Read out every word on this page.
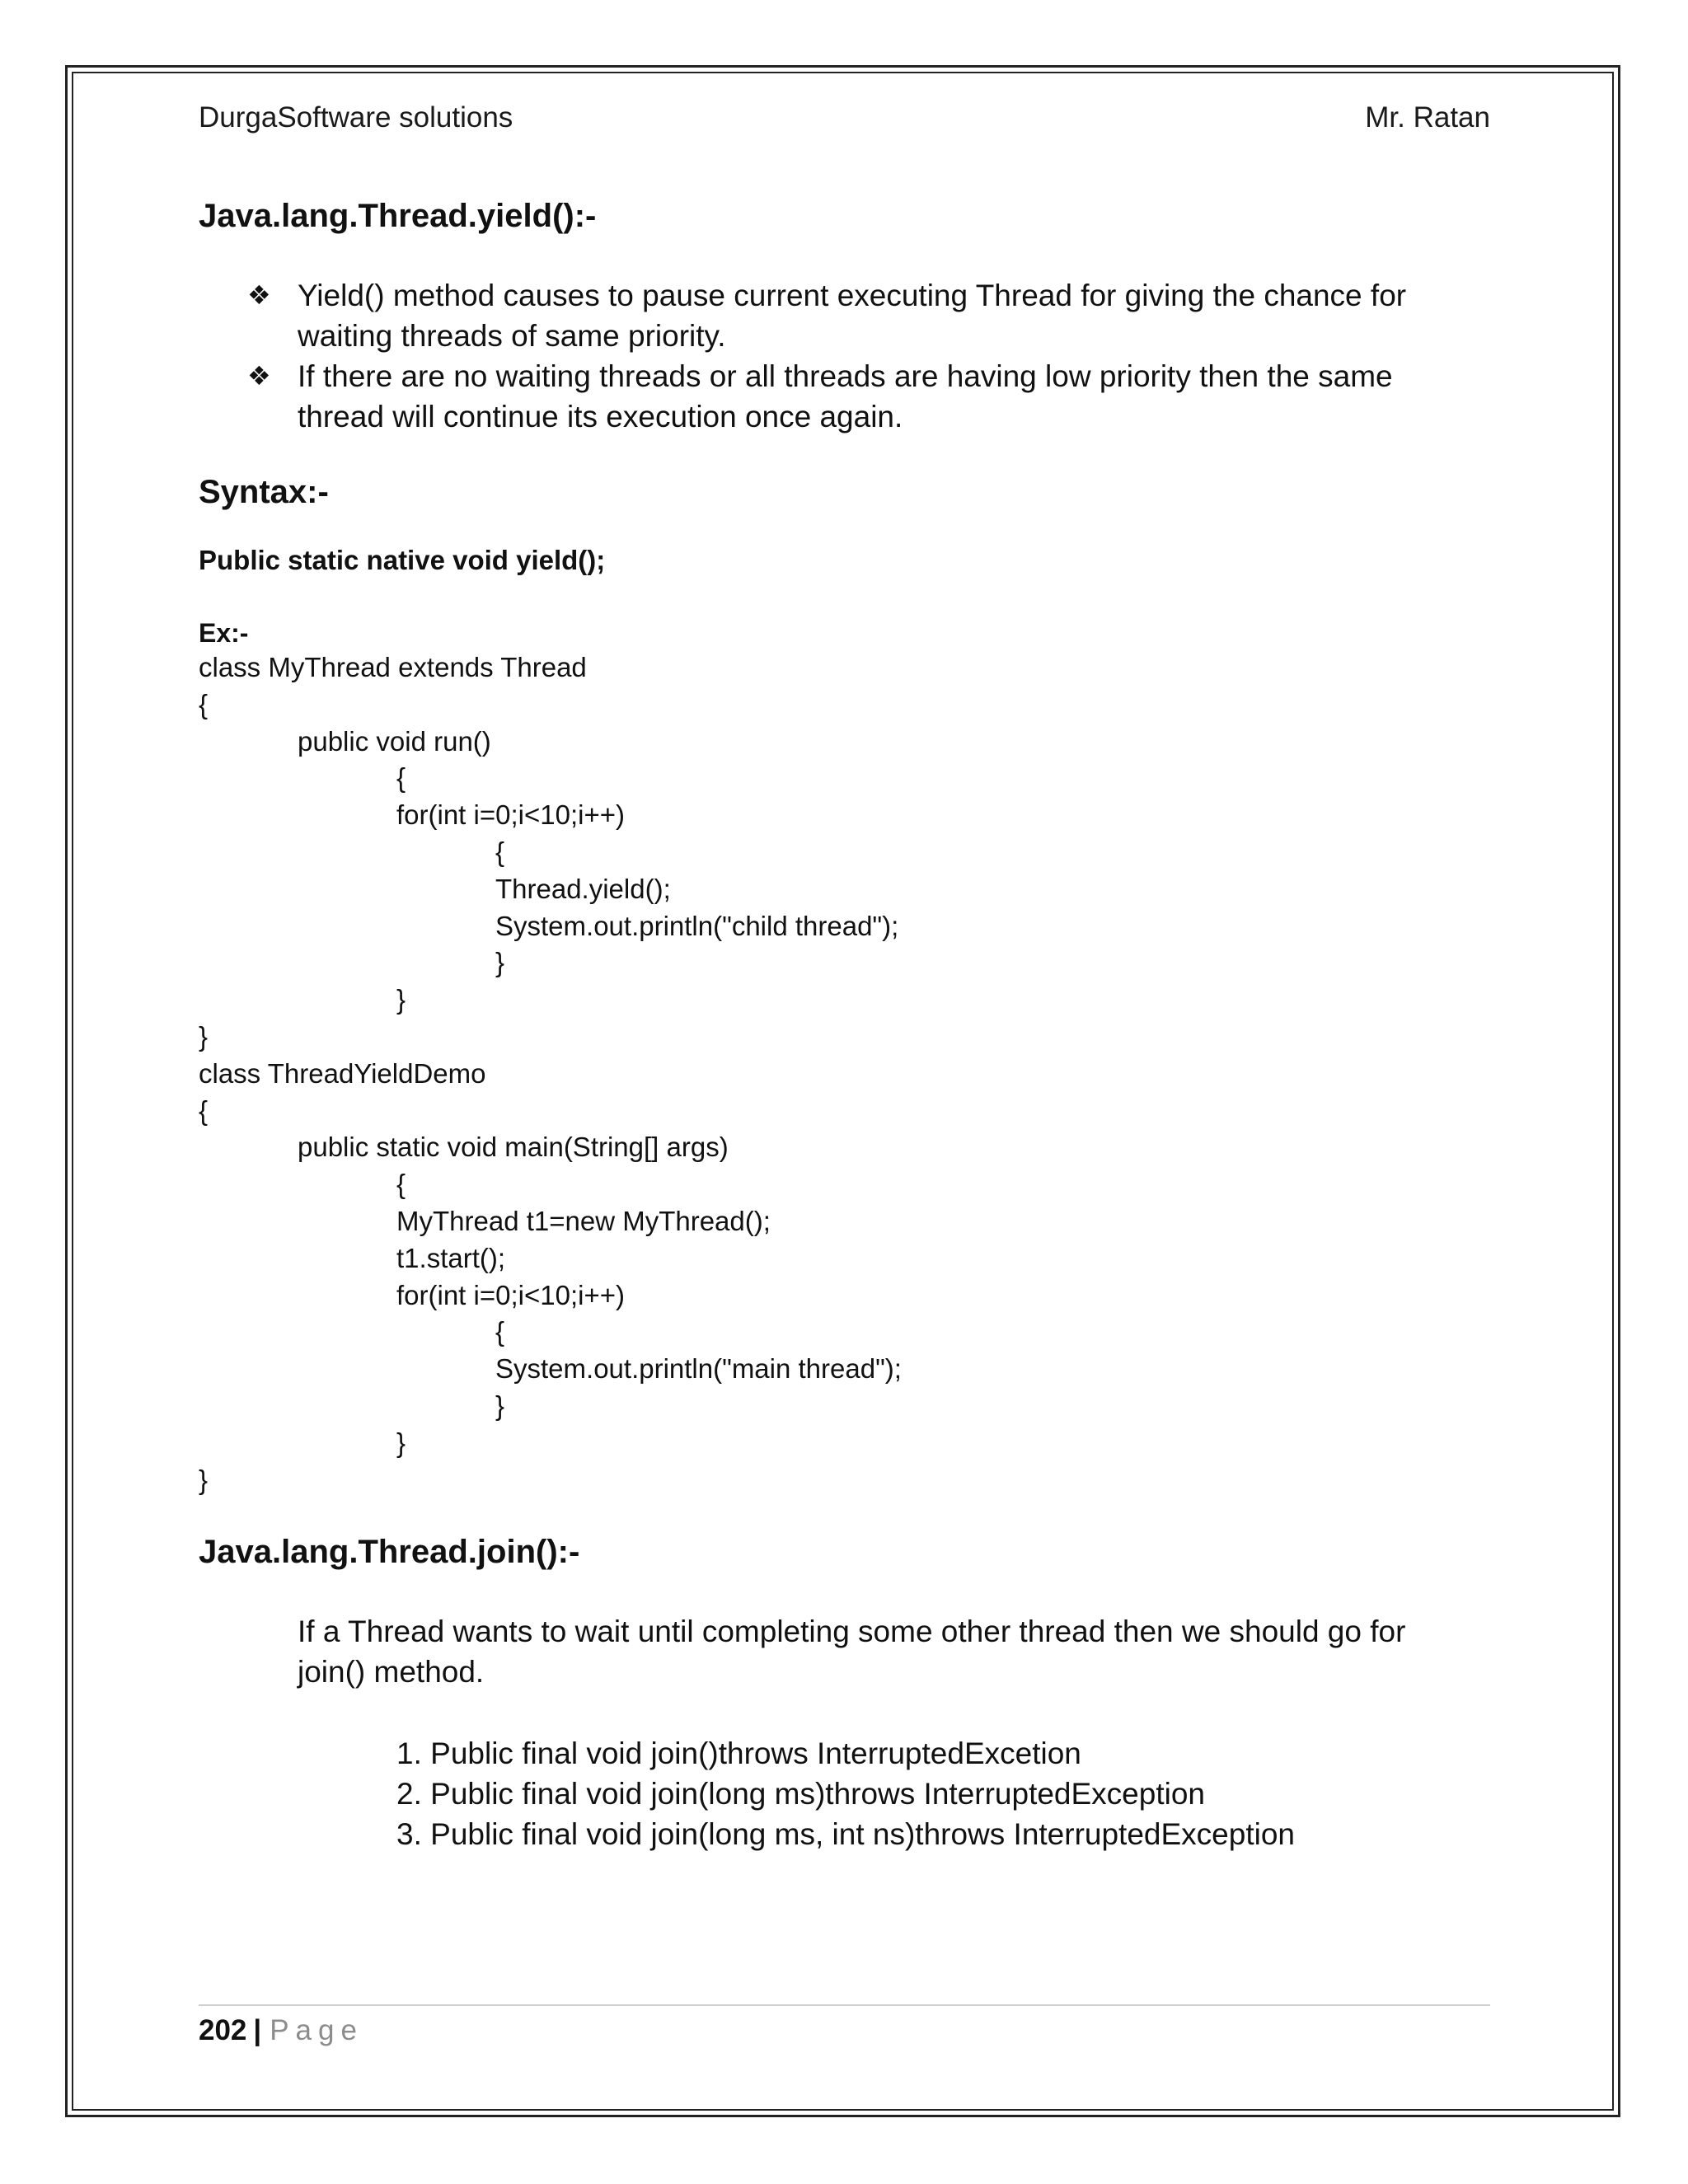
DurgaSoftware solutions	Mr. Ratan
Java.lang.Thread.yield():-
❖ Yield() method causes to pause current executing Thread for giving the chance for waiting threads of same priority.
❖ If there are no waiting threads or all threads are having low priority then the same thread will continue its execution once again.
Syntax:-
Public static native void yield();
Ex:-
class MyThread extends Thread
{
public void run()
{
for(int i=0;i<10;i++)
{
Thread.yield();
System.out.println("child thread");
}
}
}
class ThreadYieldDemo
{
public static void main(String[] args)
{
MyThread t1=new MyThread();
t1.start();
for(int i=0;i<10;i++)
{
System.out.println("main thread");
}
}
}
Java.lang.Thread.join():-
If a Thread wants to wait until completing some other thread then we should go for join() method.
1. Public final void join()throws InterruptedExcetion
2. Public final void join(long ms)throws InterruptedException
3. Public final void join(long ms, int ns)throws InterruptedException
202 | Page
